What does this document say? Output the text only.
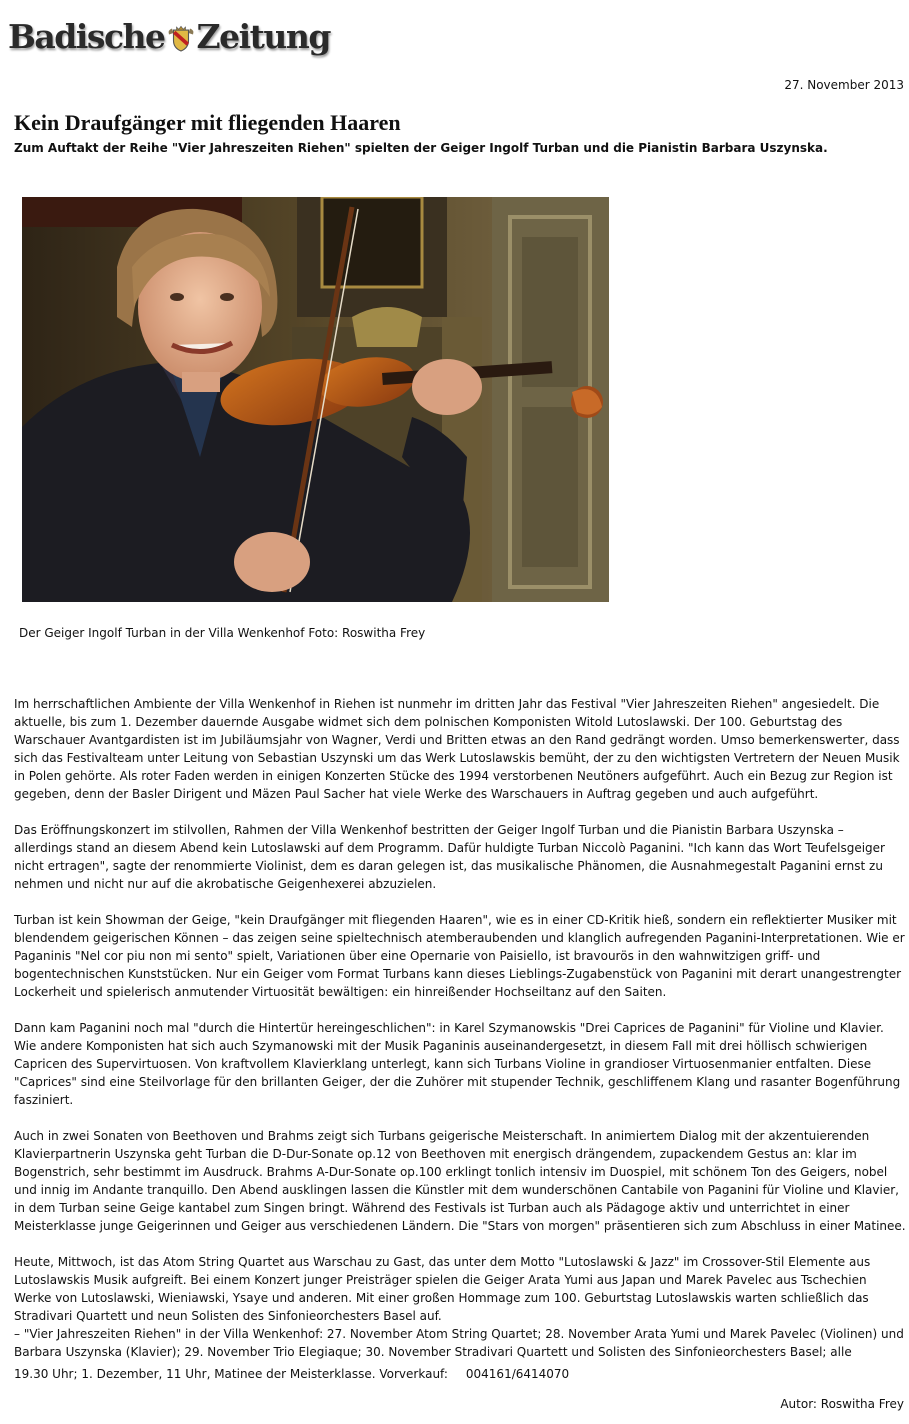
Badische Zeitung
27. November 2013
Kein Draufgänger mit fliegenden Haaren

Zum Auftakt der Reihe "Vier Jahreszeiten Riehen" spielten der Geiger Ingolf Turban und die Pianistin Barbara Uszynska.

Der Geiger Ingolf Turban in der Villa Wenkenhof Foto: Roswitha Frey

Im herrschaftlichen Ambiente der Villa Wenkenhof in Riehen ist nunmehr im dritten Jahr das Festival "Vier Jahreszeiten Riehen" angesiedelt. Die aktuelle, bis zum 1. Dezember dauernde Ausgabe widmet sich dem polnischen Komponisten Witold Lutoslawski. Der 100. Geburtstag des Warschauer Avantgardisten ist im Jubiläumsjahr von Wagner, Verdi und Britten etwas an den Rand gedrängt worden. Umso bemerkenswerter, dass sich das Festivalteam unter Leitung von Sebastian Uszynski um das Werk Lutoslawskis bemüht, der zu den wichtigsten Vertretern der Neuen Musik in Polen gehörte. Als roter Faden werden in einigen Konzerten Stücke des 1994 verstorbenen Neutöners aufgeführt. Auch ein Bezug zur Region ist gegeben, denn der Basler Dirigent und Mäzen Paul Sacher hat viele Werke des Warschauers in Auftrag gegeben und auch aufgeführt.

Das Eröffnungskonzert im stilvollen, Rahmen der Villa Wenkenhof bestritten der Geiger Ingolf Turban und die Pianistin Barbara Uszynska – allerdings stand an diesem Abend kein Lutoslawski auf dem Programm. Dafür huldigte Turban Niccolò Paganini. "Ich kann das Wort Teufelsgeiger nicht ertragen", sagte der renommierte Violinist, dem es daran gelegen ist, das musikalische Phänomen, die Ausnahmegestalt Paganini ernst zu nehmen und nicht nur auf die akrobatische Geigenhexerei abzuzielen.

Turban ist kein Showman der Geige, "kein Draufgänger mit fliegenden Haaren", wie es in einer CD-Kritik hieß, sondern ein reflektierter Musiker mit blendendem geigerischen Können – das zeigen seine spieltechnisch atemberaubenden und klanglich aufregenden Paganini-Interpretationen. Wie er Paganinis "Nel cor piu non mi sento" spielt, Variationen über eine Opernarie von Paisiello, ist bravourös in den wahnwitzigen griff- und bogentechnischen Kunststücken. Nur ein Geiger vom Format Turbans kann dieses Lieblings-Zugabenstück von Paganini mit derart unangestrengter Lockerheit und spielerisch anmutender Virtuosität bewältigen: ein hinreißender Hochseiltanz auf den Saiten.

Dann kam Paganini noch mal "durch die Hintertür hereingeschlichen": in Karel Szymanowskis "Drei Caprices de Paganini" für Violine und Klavier. Wie andere Komponisten hat sich auch Szymanowski mit der Musik Paganinis auseinandergesetzt, in diesem Fall mit drei höllisch schwierigen Capricen des Supervirtuosen. Von kraftvollem Klavierklang unterlegt, kann sich Turbans Violine in grandioser Virtuosenmanier entfalten. Diese "Caprices" sind eine Steilvorlage für den brillanten Geiger, der die Zuhörer mit stupender Technik, geschliffenem Klang und rasanter Bogenführung fasziniert.

Auch in zwei Sonaten von Beethoven und Brahms zeigt sich Turbans geigerische Meisterschaft. In animiertem Dialog mit der akzentuierenden Klavierpartnerin Uszynska geht Turban die D-Dur-Sonate op.12 von Beethoven mit energisch drängendem, zupackendem Gestus an: klar im Bogenstrich, sehr bestimmt im Ausdruck. Brahms A-Dur-Sonate op.100 erklingt tonlich intensiv im Duospiel, mit schönem Ton des Geigers, nobel und innig im Andante tranquillo. Den Abend ausklingen lassen die Künstler mit dem wunderschönen Cantabile von Paganini für Violine und Klavier, in dem Turban seine Geige kantabel zum Singen bringt. Während des Festivals ist Turban auch als Pädagoge aktiv und unterrichtet in einer Meisterklasse junge Geigerinnen und Geiger aus verschiedenen Ländern. Die "Stars von morgen" präsentieren sich zum Abschluss in einer Matinee.

Heute, Mittwoch, ist das Atom String Quartet aus Warschau zu Gast, das unter dem Motto "Lutoslawski & Jazz" im Crossover-Stil Elemente aus Lutoslawskis Musik aufgreift. Bei einem Konzert junger Preisträger spielen die Geiger Arata Yumi aus Japan und Marek Pavelec aus Tschechien Werke von Lutoslawski, Wieniawski, Ysaye und anderen. Mit einer großen Hommage zum 100. Geburtstag Lutoslawskis warten schließlich das Stradivari Quartett und neun Solisten des Sinfonieorchesters Basel auf.

– "Vier Jahreszeiten Riehen" in der Villa Wenkenhof: 27. November Atom String Quartet; 28. November Arata Yumi und Marek Pavelec (Violinen) und Barbara Uszynska (Klavier); 29. November Trio Elegiaque; 30. November Stradivari Quartett und Solisten des Sinfonieorchesters Basel; alle
19.30 Uhr; 1. Dezember, 11 Uhr, Matinee der Meisterklasse. Vorverkauf: 004161/6414070
Autor: Roswitha Frey
